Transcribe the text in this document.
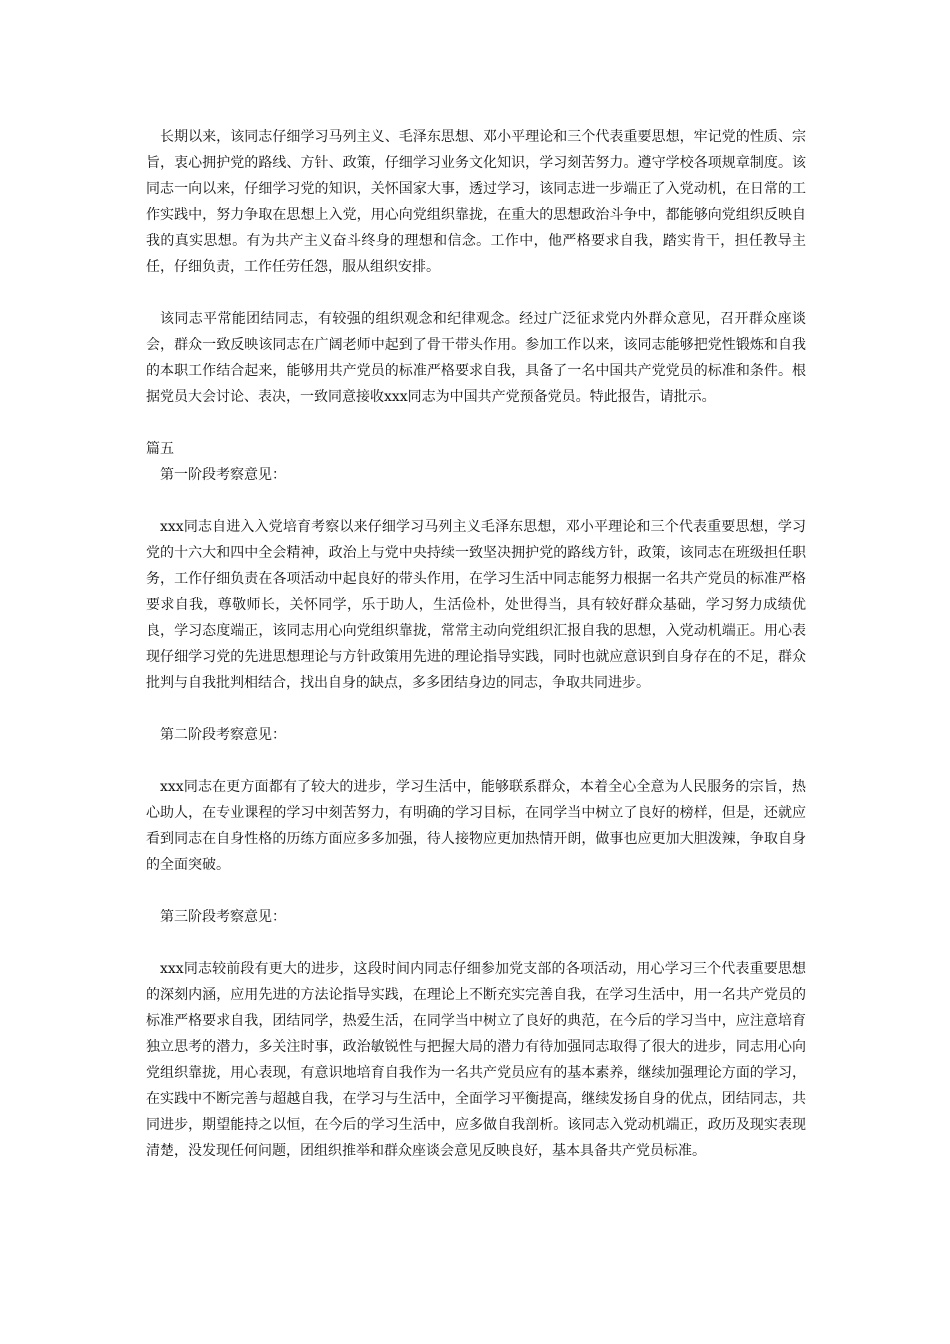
长期以来，该同志仔细学习马列主义、毛泽东思想、邓小平理论和三个代表重要思想，牢记党的性质、宗旨，衷心拥护党的路线、方针、政策，仔细学习业务文化知识，学习刻苦努力。遵守学校各项规章制度。该同志一向以来，仔细学习党的知识，关怀国家大事，透过学习，该同志进一步端正了入党动机，在日常的工作实践中，努力争取在思想上入党，用心向党组织靠拢，在重大的思想政治斗争中，都能够向党组织反映自我的真实思想。有为共产主义奋斗终身的理想和信念。工作中，他严格要求自我，踏实肯干，担任教导主任，仔细负责，工作任劳任怨，服从组织安排。

该同志平常能团结同志，有较强的组织观念和纪律观念。经过广泛征求党内外群众意见，召开群众座谈会，群众一致反映该同志在广阔老师中起到了骨干带头作用。参加工作以来，该同志能够把党性锻炼和自我的本职工作结合起来，能够用共产党员的标准严格要求自我，具备了一名中国共产党党员的标准和条件。根据党员大会讨论、表决，一致同意接收xxx同志为中国共产党预备党员。特此报告，请批示。

篇五

第一阶段考察意见：

xxx同志自进入入党培育考察以来仔细学习马列主义毛泽东思想，邓小平理论和三个代表重要思想，学习党的十六大和四中全会精神，政治上与党中央持续一致坚决拥护党的路线方针，政策，该同志在班级担任职务，工作仔细负责在各项活动中起良好的带头作用，在学习生活中同志能努力根据一名共产党员的标准严格要求自我，尊敬师长，关怀同学，乐于助人，生活俭朴，处世得当，具有较好群众基础，学习努力成绩优良，学习态度端正，该同志用心向党组织靠拢，常常主动向党组织汇报自我的思想，入党动机端正。用心表现仔细学习党的先进思想理论与方针政策用先进的理论指导实践，同时也就应意识到自身存在的不足，群众批判与自我批判相结合，找出自身的缺点，多多团结身边的同志，争取共同进步。

第二阶段考察意见：

xxx同志在更方面都有了较大的进步，学习生活中，能够联系群众，本着全心全意为人民服务的宗旨，热心助人，在专业课程的学习中刻苦努力，有明确的学习目标，在同学当中树立了良好的榜样，但是，还就应看到同志在自身性格的历练方面应多多加强，待人接物应更加热情开朗，做事也应更加大胆泼辣，争取自身的全面突破。

第三阶段考察意见：

xxx同志较前段有更大的进步，这段时间内同志仔细参加党支部的各项活动，用心学习三个代表重要思想的深刻内涵，应用先进的方法论指导实践，在理论上不断充实完善自我，在学习生活中，用一名共产党员的标准严格要求自我，团结同学，热爱生活，在同学当中树立了良好的典范，在今后的学习当中，应注意培育独立思考的潜力，多关注时事，政治敏锐性与把握大局的潜力有待加强同志取得了很大的进步，同志用心向党组织靠拢，用心表现，有意识地培育自我作为一名共产党员应有的基本素养，继续加强理论方面的学习，在实践中不断完善与超越自我，在学习与生活中，全面学习平衡提高，继续发扬自身的优点，团结同志，共同进步，期望能持之以恒，在今后的学习生活中，应多做自我剖析。该同志入党动机端正，政历及现实表现清楚，没发现任何问题，团组织推举和群众座谈会意见反映良好，基本具备共产党员标准。
